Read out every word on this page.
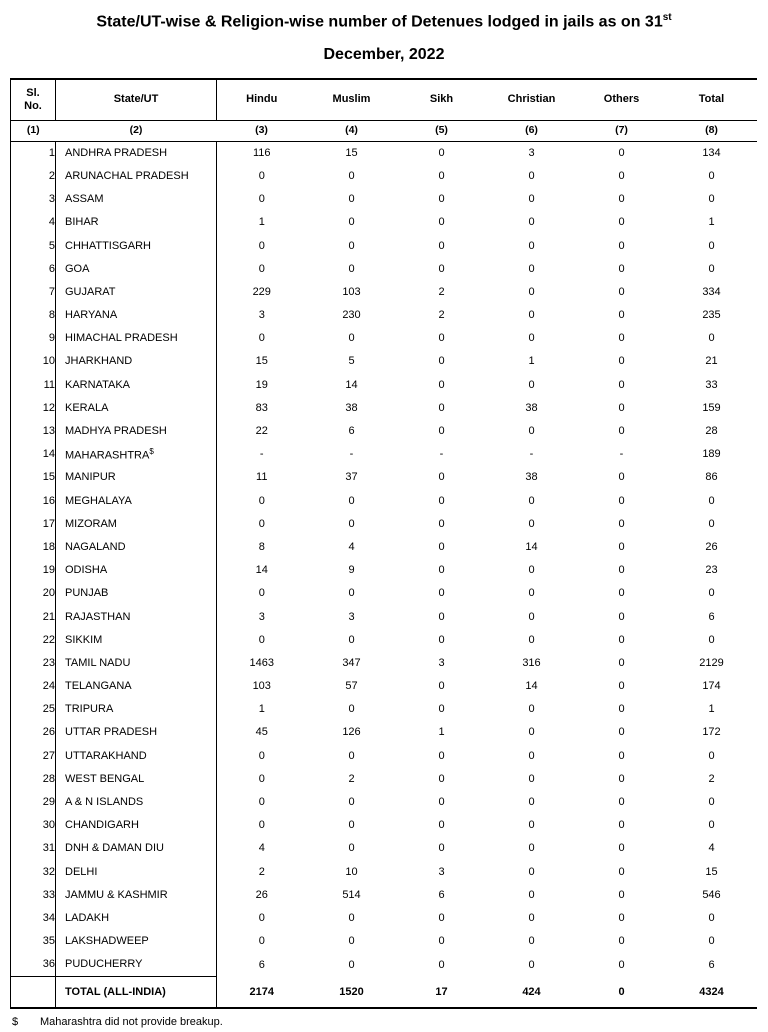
State/UT-wise & Religion-wise number of Detenues lodged in jails as on 31st
December, 2022
Sl.
No.	State/UT	Hindu	Muslim	Sikh	Christian	Others	Total
(1)	(2)	(3)	(4)	(5)	(6)	(7)	(8)
1	ANDHRA PRADESH	116	15	0	3	0	134
2	ARUNACHAL PRADESH	0	0	0	0	0	0
3	ASSAM	0	0	0	0	0	0
4	BIHAR	1	0	0	0	0	1
5	CHHATTISGARH	0	0	0	0	0	0
6	GOA	0	0	0	0	0	0
7	GUJARAT	229	103	2	0	0	334
8	HARYANA	3	230	2	0	0	235
9	HIMACHAL PRADESH	0	0	0	0	0	0
10	JHARKHAND	15	5	0	1	0	21
11	KARNATAKA	19	14	0	0	0	33
12	KERALA	83	38	0	38	0	159
13	MADHYA PRADESH	22	6	0	0	0	28
14	MAHARASHTRA$	-	-	-	-	-	189
15	MANIPUR	11	37	0	38	0	86
16	MEGHALAYA	0	0	0	0	0	0
17	MIZORAM	0	0	0	0	0	0
18	NAGALAND	8	4	0	14	0	26
19	ODISHA	14	9	0	0	0	23
20	PUNJAB	0	0	0	0	0	0
21	RAJASTHAN	3	3	0	0	0	6
22	SIKKIM	0	0	0	0	0	0
23	TAMIL NADU	1463	347	3	316	0	2129
24	TELANGANA	103	57	0	14	0	174
25	TRIPURA	1	0	0	0	0	1
26	UTTAR PRADESH	45	126	1	0	0	172
27	UTTARAKHAND	0	0	0	0	0	0
28	WEST BENGAL	0	2	0	0	0	2
29	A & N ISLANDS	0	0	0	0	0	0
30	CHANDIGARH	0	0	0	0	0	0
31	DNH & DAMAN DIU	4	0	0	0	0	4
32	DELHI	2	10	3	0	0	15
33	JAMMU & KASHMIR	26	514	6	0	0	546
34	LADAKH	0	0	0	0	0	0
35	LAKSHADWEEP	0	0	0	0	0	0
36	PUDUCHERRY	6	0	0	0	0	6
	TOTAL (ALL-INDIA)	2174	1520	17	424	0	4324
$ Maharashtra did not provide breakup.
